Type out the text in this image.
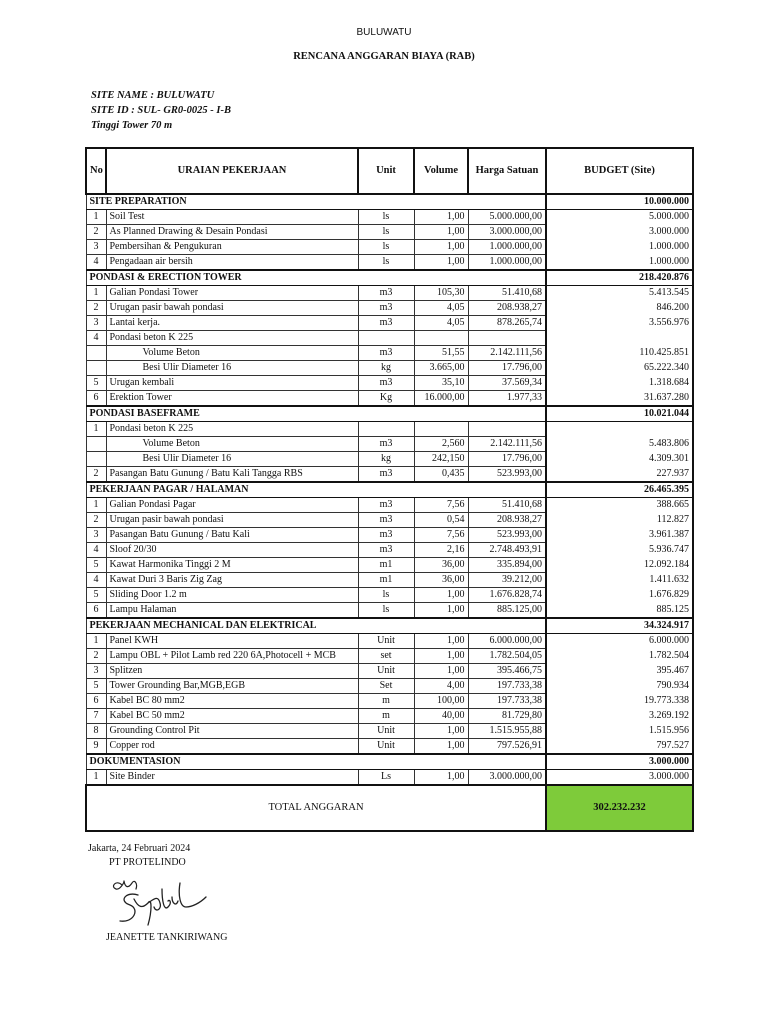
BULUWATU
RENCANA ANGGARAN BIAYA (RAB)
SITE NAME : BULUWATU
SITE ID : SUL- GR0-0025 - I-B
Tinggi Tower 70 m
No	URAIAN PEKERJAAN	Unit	Volume	Harga Satuan	BUDGET (Site)
SITE PREPARATION					10.000.000
1	Soil Test	ls	1,00	5.000.000,00	5.000.000
2	As Planned Drawing & Desain Pondasi	ls	1,00	3.000.000,00	3.000.000
3	Pembersihan & Pengukuran	ls	1,00	1.000.000,00	1.000.000
4	Pengadaan air bersih	ls	1,00	1.000.000,00	1.000.000
PONDASI & ERECTION TOWER					218.420.876
1	Galian Pondasi Tower	m3	105,30	51.410,68	5.413.545
2	Urugan pasir bawah pondasi	m3	4,05	208.938,27	846.200
3	Lantai kerja.	m3	4,05	878.265,74	3.556.976
4	Pondasi beton K 225				
	Volume Beton	m3	51,55	2.142.111,56	110.425.851
	Besi Ulir Diameter 16	kg	3.665,00	17.796,00	65.222.340
5	Urugan kembali	m3	35,10	37.569,34	1.318.684
6	Erektion Tower	Kg	16.000,00	1.977,33	31.637.280
PONDASI BASEFRAME					10.021.044
1	Pondasi beton K 225				
	Volume Beton	m3	2,560	2.142.111,56	5.483.806
	Besi Ulir Diameter 16	kg	242,150	17.796,00	4.309.301
2	Pasangan Batu Gunung / Batu Kali Tangga RBS	m3	0,435	523.993,00	227.937
PEKERJAAN PAGAR / HALAMAN					26.465.395
1	Galian Pondasi Pagar	m3	7,56	51.410,68	388.665
2	Urugan pasir bawah pondasi	m3	0,54	208.938,27	112.827
3	Pasangan Batu Gunung / Batu Kali	m3	7,56	523.993,00	3.961.387
4	Sloof 20/30	m3	2,16	2.748.493,91	5.936.747
5	Kawat Harmonika Tinggi 2 M	m1	36,00	335.894,00	12.092.184
4	Kawat Duri 3 Baris Zig Zag	m1	36,00	39.212,00	1.411.632
5	Sliding Door 1.2 m	ls	1,00	1.676.828,74	1.676.829
6	Lampu Halaman	ls	1,00	885.125,00	885.125
PEKERJAAN MECHANICAL DAN ELEKTRICAL					34.324.917
1	Panel KWH	Unit	1,00	6.000.000,00	6.000.000
2	Lampu OBL + Pilot Lamb red 220 6A,Photocell + MCB	set	1,00	1.782.504,05	1.782.504
3	Splitzen	Unit	1,00	395.466,75	395.467
5	Tower Grounding Bar,MGB,EGB	Set	4,00	197.733,38	790.934
6	Kabel BC 80 mm2	m	100,00	197.733,38	19.773.338
7	Kabel BC 50 mm2	m	40,00	81.729,80	3.269.192
8	Grounding Control Pit	Unit	1,00	1.515.955,88	1.515.956
9	Copper rod	Unit	1,00	797.526,91	797.527
DOKUMENTASION					3.000.000
1	Site Binder	Ls	1,00	3.000.000,00	3.000.000
TOTAL ANGGARAN					302.232.232
Jakarta, 24 Februari 2024
PT PROTELINDO
JEANETTE TANKIRIWANG
